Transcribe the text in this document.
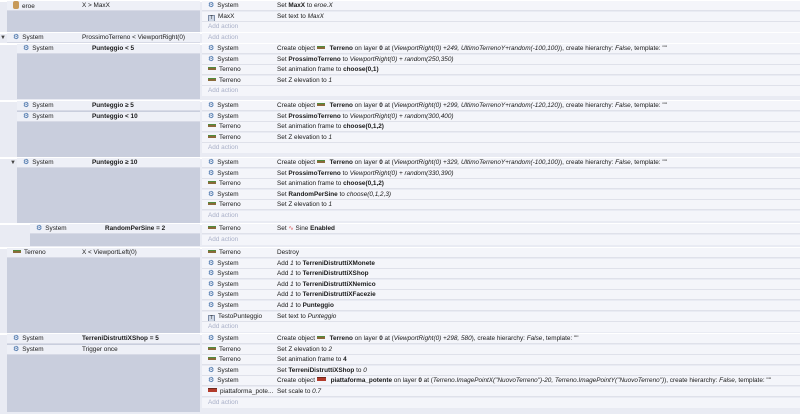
eroe	X > MaxX	⚙ System	Set MaxX to eroe.X
T MaxX	Set text to MaxX
Add action
▼ ⚙ System	ProssimoTerreno < ViewportRight(0)	Add action
⚙ System	Punteggio < 5	⚙ System	Create object  Terreno on layer 0 at (ViewportRight(0) +249, UltimoTerrenoY+random(-100,100)), create hierarchy: False, template: ""
⚙ System	Set ProssimoTerreno to ViewportRight(0) + random(250,350)
Terreno	Set animation frame to choose(0,1)
Terreno	Set Z elevation to 1
Add action
⚙ System	Punteggio ≥ 5
⚙ System	Punteggio < 10
⚙ System	Create object  Terreno on layer 0 at (ViewportRight(0) +299, UltimoTerrenoY+random(-120,120)), create hierarchy: False, template: ""
⚙ System	Set ProssimoTerreno to ViewportRight(0) + random(300,400)
Terreno	Set animation frame to choose(0,1,2)
Terreno	Set Z elevation to 1
Add action
▼ ⚙ System	Punteggio ≥ 10	⚙ System	Create object  Terreno on layer 0 at (ViewportRight(0) +329, UltimoTerrenoY+random(-100,100)), create hierarchy: False, template: ""
⚙ System	Set ProssimoTerreno to ViewportRight(0) + random(330,390)
Terreno	Set animation frame to choose(0,1,2)
⚙ System	Set RandomPerSine to choose(0,1,2,3)
Terreno	Set Z elevation to 1
Add action
⚙ System	RandomPerSine = 2	Terreno	Set ∿ Sine Enabled
Add action
Terreno	X < ViewportLeft(0)	Terreno	Destroy
⚙ System	Add 1 to TerreniDistruttiXMonete
⚙ System	Add 1 to TerreniDistruttiXShop
⚙ System	Add 1 to TerreniDistruttiXNemico
⚙ System	Add 1 to TerreniDistruttiXFacezie
⚙ System	Add 1 to Punteggio
T TestoPunteggio Set text to Punteggio
Add action
⚙ System	TerreniDistruttiXShop = 5
⚙ System	Trigger once
⚙ System	Create object  Terreno on layer 0 at (ViewportRight(0) +298, 580), create hierarchy: False, template: ""
Terreno	Set Z elevation to 2
Terreno	Set animation frame to 4
⚙ System	Set TerreniDistruttiXShop to 0
⚙ System	Create object  piattaforma_potente on layer 0 at (Terreno.ImagePointX("NuovoTerreno")-20, Terreno.ImagePointY("NuovoTerreno")), create hierarchy: False, template: ""
piattaforma_pote... Set scale to 0.7
Add action
